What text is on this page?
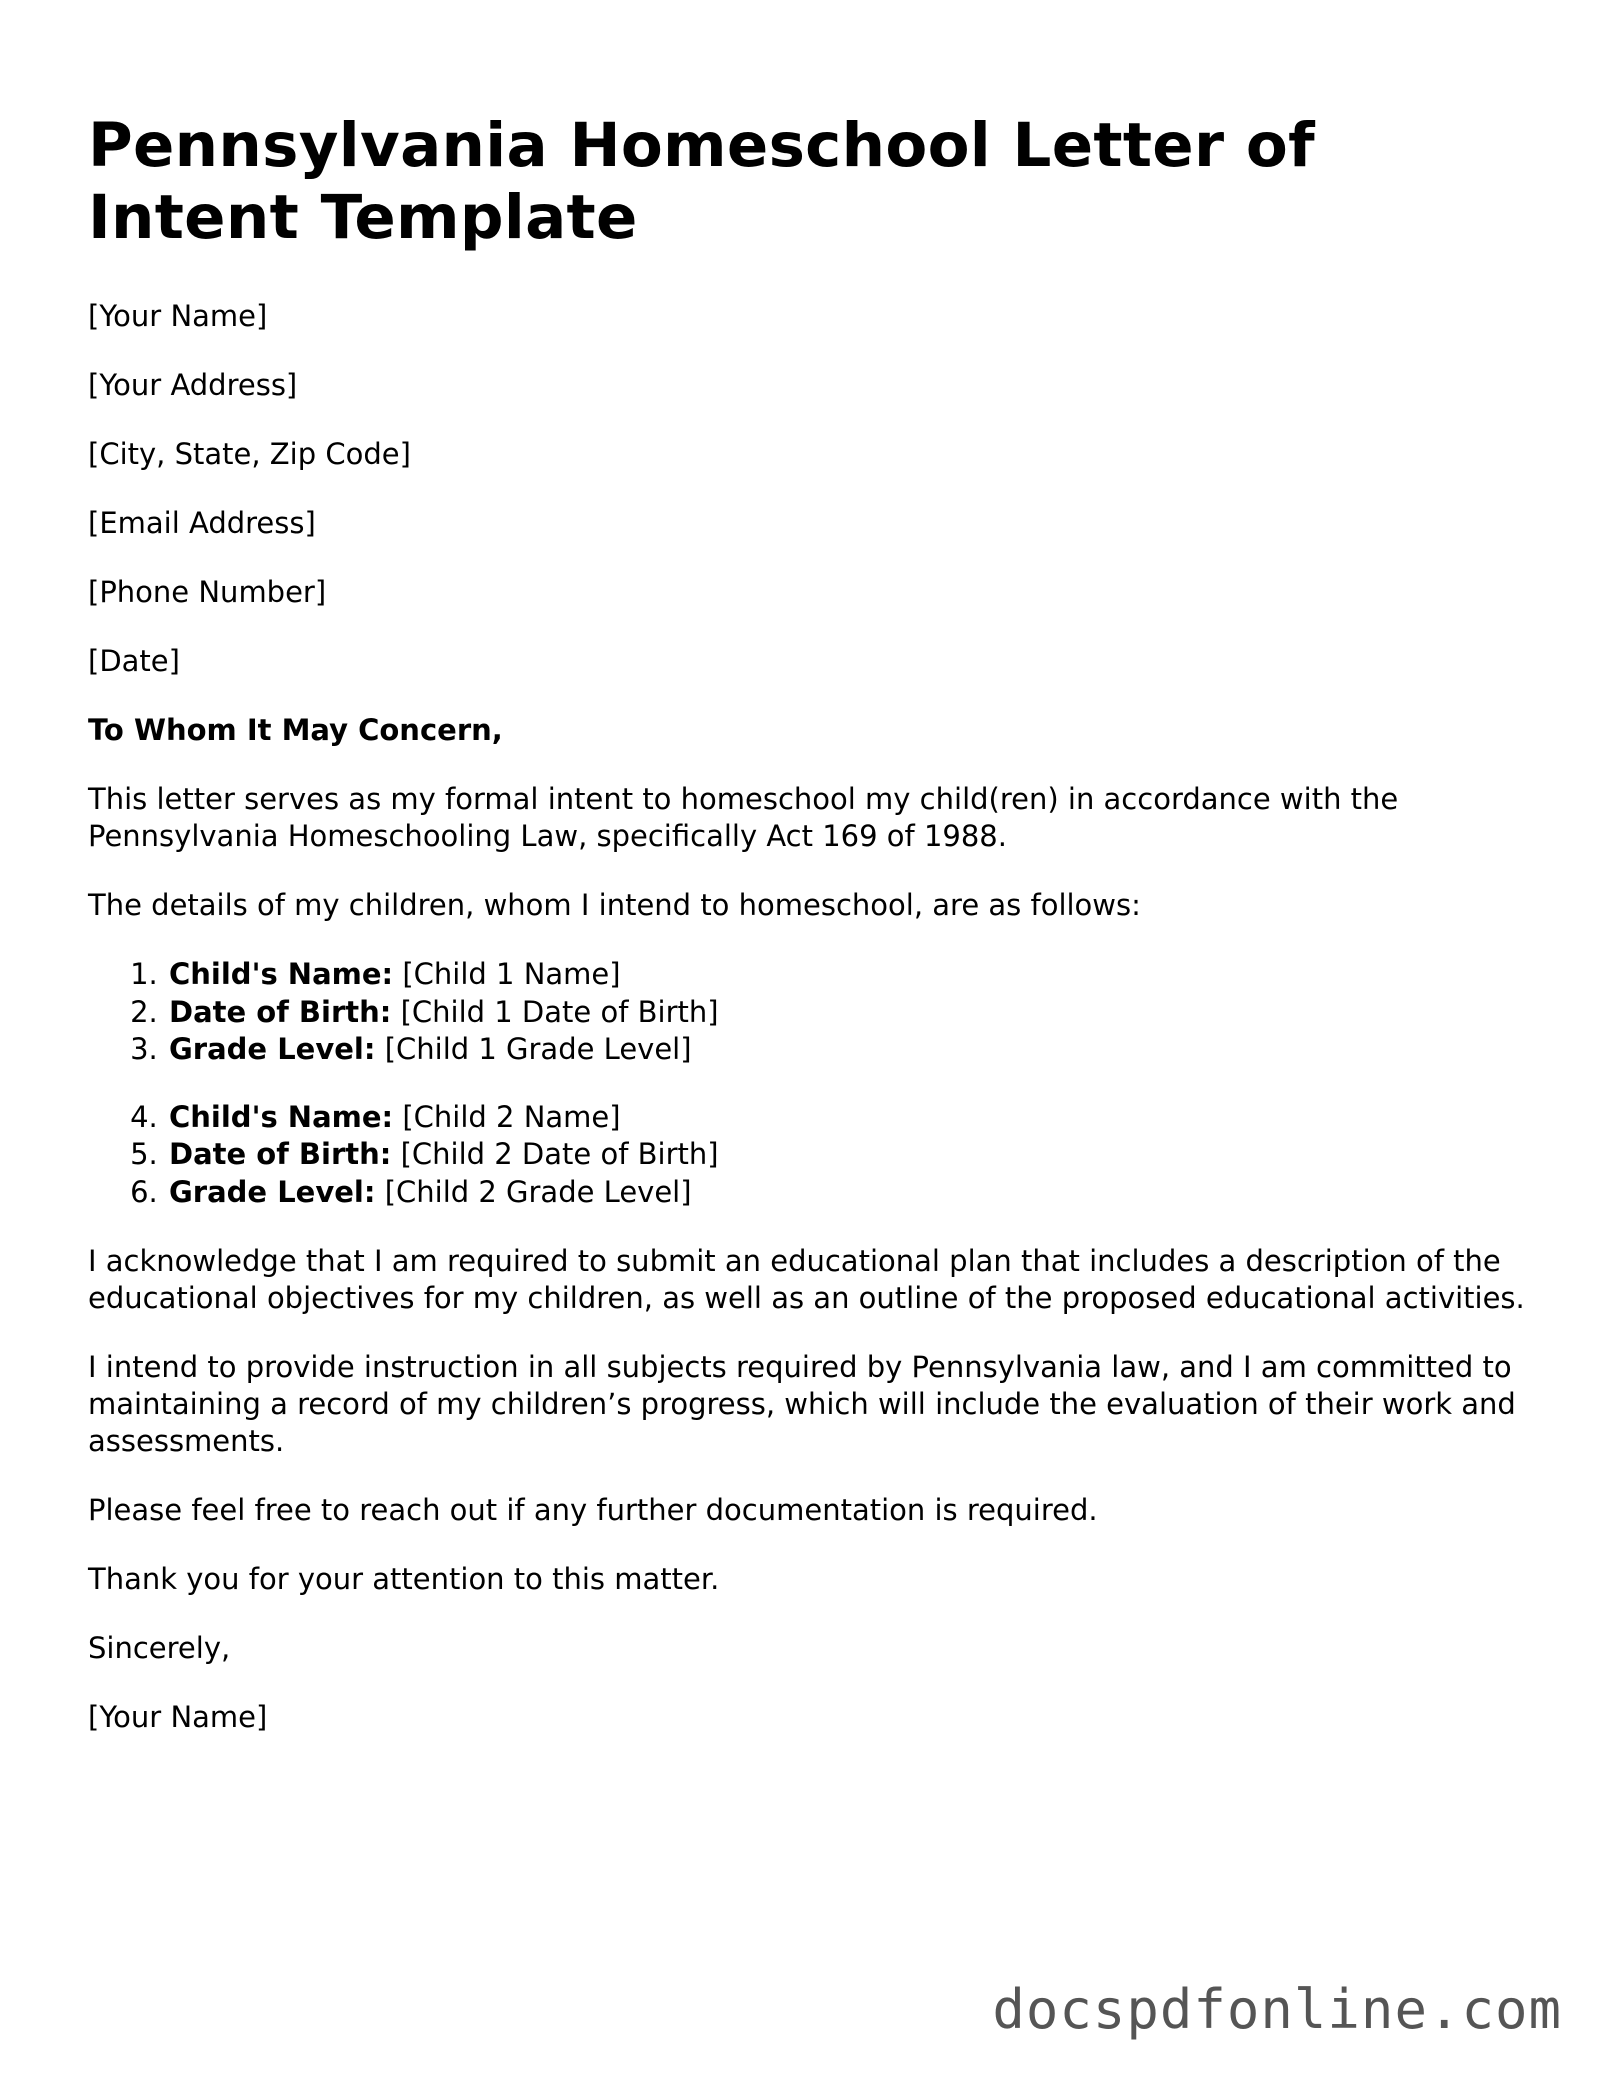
Pennsylvania Homeschool Letter of Intent Template

[Your Name]

[Your Address]

[City, State, Zip Code]

[Email Address]

[Phone Number]

[Date]

To Whom It May Concern,

This letter serves as my formal intent to homeschool my child(ren) in accordance with the Pennsylvania Homeschooling Law, specifically Act 169 of 1988.

The details of my children, whom I intend to homeschool, are as follows:

1. Child's Name: [Child 1 Name]
2. Date of Birth: [Child 1 Date of Birth]
3. Grade Level: [Child 1 Grade Level]
4. Child's Name: [Child 2 Name]
5. Date of Birth: [Child 2 Date of Birth]
6. Grade Level: [Child 2 Grade Level]

I acknowledge that I am required to submit an educational plan that includes a description of the educational objectives for my children, as well as an outline of the proposed educational activities.

I intend to provide instruction in all subjects required by Pennsylvania law, and I am committed to maintaining a record of my children’s progress, which will include the evaluation of their work and assessments.

Please feel free to reach out if any further documentation is required.

Thank you for your attention to this matter.

Sincerely,

[Your Name]

docspdfonline.com
